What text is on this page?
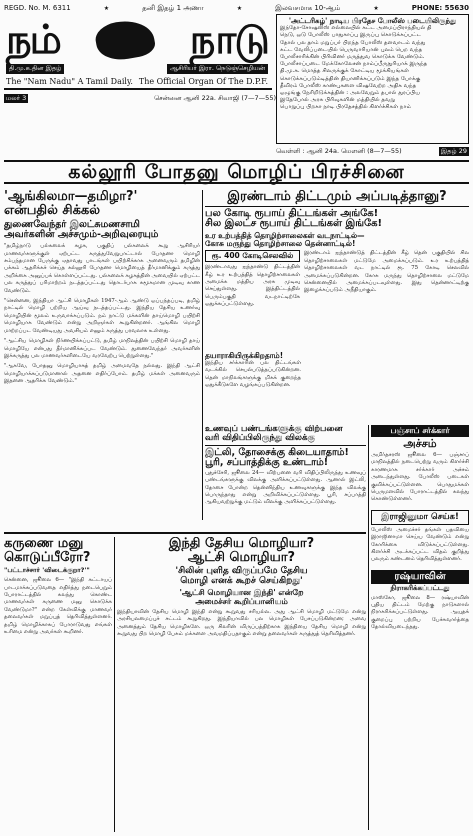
REGD. No. M. 6311	★	தனி இதழ் 1 அணா	★	இலவசமாக 10-ஆம்	★	PHONE: 55630
நம்	நாடு
தி.மு.க.தின இதழ்	ஆசிரியர் இரா. நெடுஞ்செழியன்
The "Nam Nadu" A Tamil Daily. The Official Organ Of The D.P.F.
'அட்டரிகழ்' நாடிய பிரதேச போலீஸ் படையிலிருந்து
இந்தோ-சோஷலிஸ் எல்லையில் கட்ட அமைப்பிராந்தியல் தி
நெடு, ஒடு போலீஸ் பாதுகாப்பு இருப்பு கொடுக்கப்பட்ட
தோல் பல தாம் மறுப்பர் பிறந்த போலீஸ் தளவாடம் வந்து
கட்ட வேலிப்படையில் பெருவாரியான் புலம் பெற வந்த
போலீசாரிக்கின் பிரிவினர் மருத்துவ கொடுக்க வேண்டும்.
போலீசாப்படை மேக்கோலேசன் நாம்ப்பீருநுரியாக் இருந்த
தி.மு.க. மொத்த சிலருக்குக் கோட்டிய மூக்கியங்கள்
கொடுக்கப்படும்டித்தின் தியானிக்கப்படும் இந்த போக்கு
தீவிரம் போலீஸ் காண்புகளை விஷவேற்ற அதிக வந்த
ஒழுங்கு நேரிறிடுக்கத்தின் : அலவேறும் தபால் துரப்பிய
இதேபோல் அரசு பிரிவுகளின் மத்தியில் தவறு
பொறுப்பு பிறகா நாடி பிரதேசத்தில் கிளர்ச்சிகள் நாம்
மலர் 3	சென்னை ஆனி 22a. சிவாஜி (7—7—55)
வெள்ளி : ஆனி 24a. மெளனி (8—7—55)	இதழ் 29
கல்லூரி போதனு மொழிப் பிரச்சினை
'ஆங்கிலமா—தமிழா?'
என்பதில் சிக்கல்
துணைவேந்தர் இலட்சுமணசாமி
அவர்களின் அச்சமும்-அறிவுரையும்
"தமிழ்நாடு பல்கலைக் கழக, பகுதிப் பல்கலைக் கூறு ஆசிரியர் மாணவர்களுக்குள் ஏற்பட்ட கருத்துவேறுபாட்டால் போதனா மொழி சம்பந்தமான பேருக்கு ஏதாவது பாடங்கள் பயிற்சிக்காக அனைவரும் தமிழின் பக்கம் ஆதரிக்கச் செய்த கல்லூரி போதனா மொழியைத் தீர்மானிக்கும் கருத்து அறிக்கை அனுப்பக் கொள்ளப்பட்டது. பல்கலைக் கழகத்தின் அவையில் ஏற்பட்ட பல கருத்துப் பரிமாற்றம் நடத்தப்பட்டது தொடர்பாக சுமூகமான முடிவு காண வேண்டும்.
"சென்னை, இந்தியா ஆட்சி மொழிகள் 1947-ஆம் ஆண்டு ஒப்பந்தப்படி, தமிழ் நாட்டில் மொழி பற்றிய ஆய்வு நடத்தப்பட்டது. இந்திய தேசிய உணர்வு மொழியின் மூலம் உருவாக்கப்படும். நம் நாட்டு மக்களின் தாய்மொழி பயிற்சி மொழியாக வேண்டும் என்று அறிஞர்கள் கூறுகின்றனர். ஆங்கில மொழி மாற்றப்பட வேண்டியது அவசியம் எனும் கருத்து பரவலாக உள்ளது.
"ஆட்சிய மொழிகள் நிர்ணயிக்கப்பட்டு, தமிழ் மாநிலத்தின் பயிற்சி மொழி தாய் மொழியே என்பது தீர்மானிக்கப்பட வேண்டும். துணைவேந்தர் அவர்களின் இக்கருத்து பல மாணவர்களிடையே வரவேற்பு பெற்றுள்ளது."
"ஆகவே, போதனு மொழியாகத் தமிழ் அமைவதே நல்லது. இந்தி ஆட்சி மொழியாக்கப்படுமானால் அதனை எதிர்ப்போம். தமிழ் மக்கள் அனைவரும் இதனை ஆதரிக்க வேண்டும்."
இரண்டாம் திட்டமும் அப்படித்தானு?
பல கோடி ரூபாய் திட்டங்கள் அங்கே!
சில இலட்ச ரூபாய் திட்டங்கள் இங்கே!
உர உற்பத்தித் தொழிற்சாலைகள் வடநாட்டில்—
கோசு மருந்து தொழிற்சாலை தென்னாட்டில்!
ரூ. 400 கோடிசெலவில்
இரண்டாவது ஐந்தாண்டு திட்டத்தின் கீழ் உர உற்பத்தித் தொழிற்சாலைகள் அமைக்க மத்திய அரசு முடிவு செய்துள்ளது. இத்திட்டத்தில் பெரும்பகுதி வடநாட்டிற்கே ஒதுக்கப்பட்டுள்ளது.
இரண்டாம் ஐந்தாண்டுத் திட்டத்தின் கீழ் தென் பகுதியில் சில தொழிற்சாலைகள் மட்டுமே அமைக்கப்படும். உர உற்பத்தித் தொழிற்சாலைகள் வட நாட்டில் ரூ. 75 கோடி செலவில் அமைக்கப்படுகின்றன. கோசு மருந்து தொழிற்சாலை மட்டுமே சென்னையில் அமைக்கப்படவுள்ளது. இது தென்னாட்டிற்கு இழைக்கப்படும் அநீதியாகும்.
தயாராகியிருக்கிறதாம்!
இந்திய சர்க்காரின் பல திட்டங்கள் வடக்கில் செயல்படுத்தப்படுகின்றன. தென் மாநிலங்களுக்கு மிகக் குறைந்த ஒதுக்கீடுகளே வழங்கப்படுகின்றன.
உணவுப் பண்டங்களுக்கு விற்பனை
வரி விதிப்பிலிருந்து விலக்கு
இட்லி, தோசைக்கு கிடையாதாம்!
பூரி, சப்பாத்திக்கு உண்டாம்!
புதுச்சேரி, ஜூலை 24— விற்பனை வரி விதிப்பிலிருந்து உணவுப் பண்டங்களுக்கு விலக்கு அளிக்கப்பட்டுள்ளது. ஆனால் இட்லி, தோசை போன்ற தென்னிந்திய உணவுகளுக்கு இந்த விலக்கு பொருந்தாது என்று அறிவிக்கப்பட்டுள்ளது. பூரி, சப்பாத்தி ஆகியவற்றுக்கு மட்டும் விலக்கு அளிக்கப்பட்டுள்ளது.
பஞ்சாப் சர்க்கார்
அச்சம்
அமிர்தசரஸ் ஜூலை 6— பஞ்சாப் மாநிலத்தில் நடைபெற்று வரும் கிளர்ச்சி காரணமாக சர்க்கார் அச்சம் அடைந்துள்ளது. போலீஸ் படைகள் குவிக்கப்பட்டுள்ளன. பொதுமக்கள் பெருமளவில் போராட்டத்தில் கலந்து கொண்டுள்ளனர்.
இராஜினுமா செய்க!
போலீஸ் அமைச்சர் தங்கள் பதவியை இராஜினாமா செய்ய வேண்டும் என்று கோரிக்கை விடுக்கப்பட்டுள்ளது. கிளர்ச்சி அடக்கப்பட்ட விதம் குறித்து பலரும் கண்டனம் தெரிவித்துள்ளனர்.
ரஷ்யாவின்
நிராகரிக்கப்பட்டது
மாஸ்கோ, ஜூலை 8— ரஷ்யாவின் புதிய திட்டம் மேற்கு நாடுகளால் நிராகரிக்கப்பட்டுள்ளது. ஆயுதக் குறைப்பு பற்றிய பேச்சுவார்த்தை தோல்வியடைந்தது.
கருணை மனு
கொடுப்பீரோ?
"பட்டாச்சார் 'விடைக்குறா?'"
சென்னை, ஜூலை 6— "இந்தி கட்டாயப் பாடமாக்கப்படுவதை எதிர்த்து நடைபெறும் போராட்டத்தில் கலந்து கொண்ட மாணவர்கள் கருணை மனு கொடுக்க வேண்டுமா?" என்ற கேள்விக்கு மாணவர் தலைவர்கள் மறுப்புத் தெரிவித்துள்ளனர். தமிழ் மொழிக்காகப் போராடுவது எங்கள் உரிமை என்று அவர்கள் கூறினர்.
இந்தி தேசிய மொழியா?
ஆட்சி மொழியா?
'சிலின் புளித விருப்பமே தேசிய
மொழி எனக் கூறச் செய்கிறது'
'ஆட்சி மொழியான இந்தி' என்றே
அமைச்சர் கூறிப்பானியம்
இந்தியாவின் தேசிய மொழி இந்தி என்று கூறுவது சரியல்ல. அது ஆட்சி மொழி மட்டுமே என்று அரசியலமைப்புச் சட்டம் கூறுகிறது. இந்தியாவில் பல மொழிகள் பேசப்படுகின்றன; அவை அனைத்தும் தேசிய மொழிகளே. ஒரு சிலரின் விருப்பத்திற்காக இந்தியை தேசிய மொழி என்று கூறுவது பிற மொழி பேசும் மக்களை அவமதிப்பதாகும் என்று தலைவர்கள் கருத்துத் தெரிவித்தனர்.
